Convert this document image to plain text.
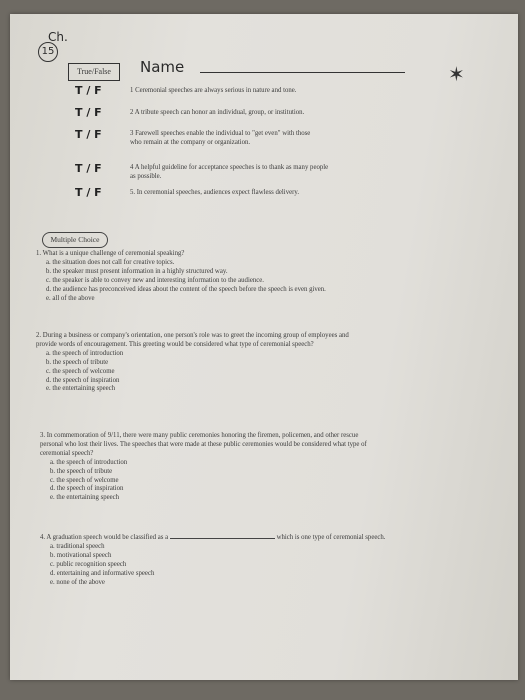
Ch.
15
True/False	Name	✶
T / F	1 Ceremonial speeches are always serious in nature and tone.
T / F	2 A tribute speech can honor an individual, group, or institution.
T / F	3 Farewell speeches enable the individual to "get even" with those who remain at the company or organization.
T / F	4 A helpful guideline for acceptance speeches is to thank as many people as possible.
T / F	5. In ceremonial speeches, audiences expect flawless delivery.
Multiple Choice
1. What is a unique challenge of ceremonial speaking?
a. the situation does not call for creative topics.
b. the speaker must present information in a highly structured way.
c. the speaker is able to convey new and interesting information to the audience.
d. the audience has preconceived ideas about the content of the speech before the speech is even given.
e. all of the above
2. During a business or company's orientation, one person's role was to greet the incoming group of employees and provide words of encouragement. This greeting would be considered what type of ceremonial speech?
a. the speech of introduction
b. the speech of tribute
c. the speech of welcome
d. the speech of inspiration
e. the entertaining speech
3. In commemoration of 9/11, there were many public ceremonies honoring the firemen, policemen, and other rescue personal who lost their lives. The speeches that were made at these public ceremonies would be considered what type of ceremonial speech?
a. the speech of introduction
b. the speech of tribute
c. the speech of welcome
d. the speech of inspiration
e. the entertaining speech
4. A graduation speech would be classified as a	which is one type of ceremonial speech.
a. traditional speech
b. motivational speech
c. public recognition speech
d. entertaining and informative speech
e. none of the above
